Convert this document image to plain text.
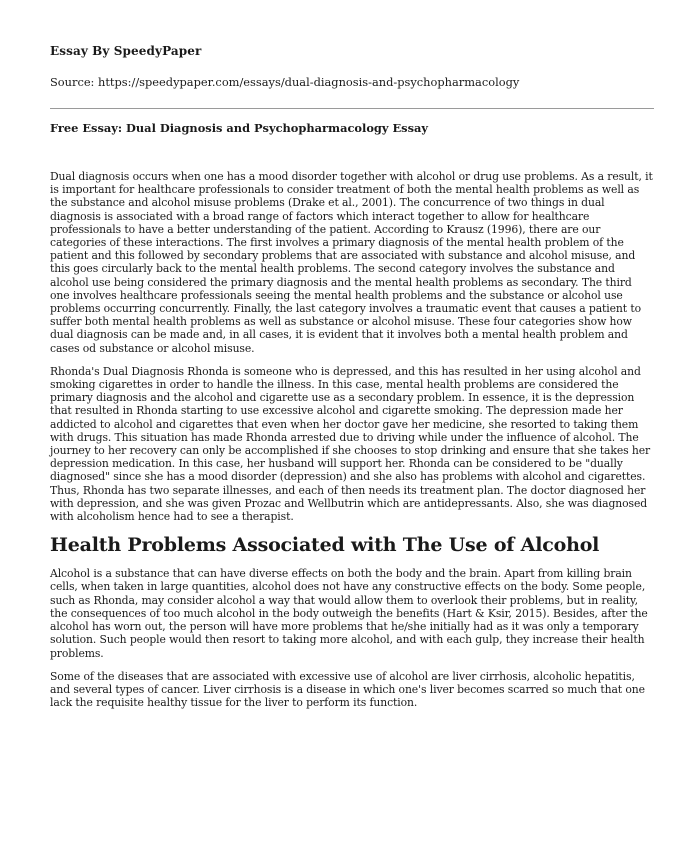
Essay By SpeedyPaper
Source: https://speedypaper.com/essays/dual-diagnosis-and-psychopharmacology
Free Essay: Dual Diagnosis and Psychopharmacology Essay

Dual diagnosis occurs when one has a mood disorder together with alcohol or drug use problems. As a result, it is important for healthcare professionals to consider treatment of both the mental health problems as well as the substance and alcohol misuse problems (Drake et al., 2001). The concurrence of two things in dual diagnosis is associated with a broad range of factors which interact together to allow for healthcare professionals to have a better understanding of the patient. According to Krausz (1996), there are our categories of these interactions. The first involves a primary diagnosis of the mental health problem of the patient and this followed by secondary problems that are associated with substance and alcohol misuse, and this goes circularly back to the mental health problems. The second category involves the substance and alcohol use being considered the primary diagnosis and the mental health problems as secondary. The third one involves healthcare professionals seeing the mental health problems and the substance or alcohol use problems occurring concurrently. Finally, the last category involves a traumatic event that causes a patient to suffer both mental health problems as well as substance or alcohol misuse. These four categories show how dual diagnosis can be made and, in all cases, it is evident that it involves both a mental health problem and cases od substance or alcohol misuse.

Rhonda's Dual Diagnosis Rhonda is someone who is depressed, and this has resulted in her using alcohol and smoking cigarettes in order to handle the illness. In this case, mental health problems are considered the primary diagnosis and the alcohol and cigarette use as a secondary problem. In essence, it is the depression that resulted in Rhonda starting to use excessive alcohol and cigarette smoking. The depression made her addicted to alcohol and cigarettes that even when her doctor gave her medicine, she resorted to taking them with drugs. This situation has made Rhonda arrested due to driving while under the influence of alcohol. The journey to her recovery can only be accomplished if she chooses to stop drinking and ensure that she takes her depression medication. In this case, her husband will support her. Rhonda can be considered to be "dually diagnosed" since she has a mood disorder (depression) and she also has problems with alcohol and cigarettes. Thus, Rhonda has two separate illnesses, and each of then needs its treatment plan. The doctor diagnosed her with depression, and she was given Prozac and Wellbutrin which are antidepressants. Also, she was diagnosed with alcoholism hence had to see a therapist.

Health Problems Associated with The Use of Alcohol

Alcohol is a substance that can have diverse effects on both the body and the brain. Apart from killing brain cells, when taken in large quantities, alcohol does not have any constructive effects on the body. Some people, such as Rhonda, may consider alcohol a way that would allow them to overlook their problems, but in reality, the consequences of too much alcohol in the body outweigh the benefits (Hart & Ksir, 2015). Besides, after the alcohol has worn out, the person will have more problems that he/she initially had as it was only a temporary solution. Such people would then resort to taking more alcohol, and with each gulp, they increase their health problems.

Some of the diseases that are associated with excessive use of alcohol are liver cirrhosis, alcoholic hepatitis, and several types of cancer. Liver cirrhosis is a disease in which one's liver becomes scarred so much that one lack the requisite healthy tissue for the liver to perform its function.
